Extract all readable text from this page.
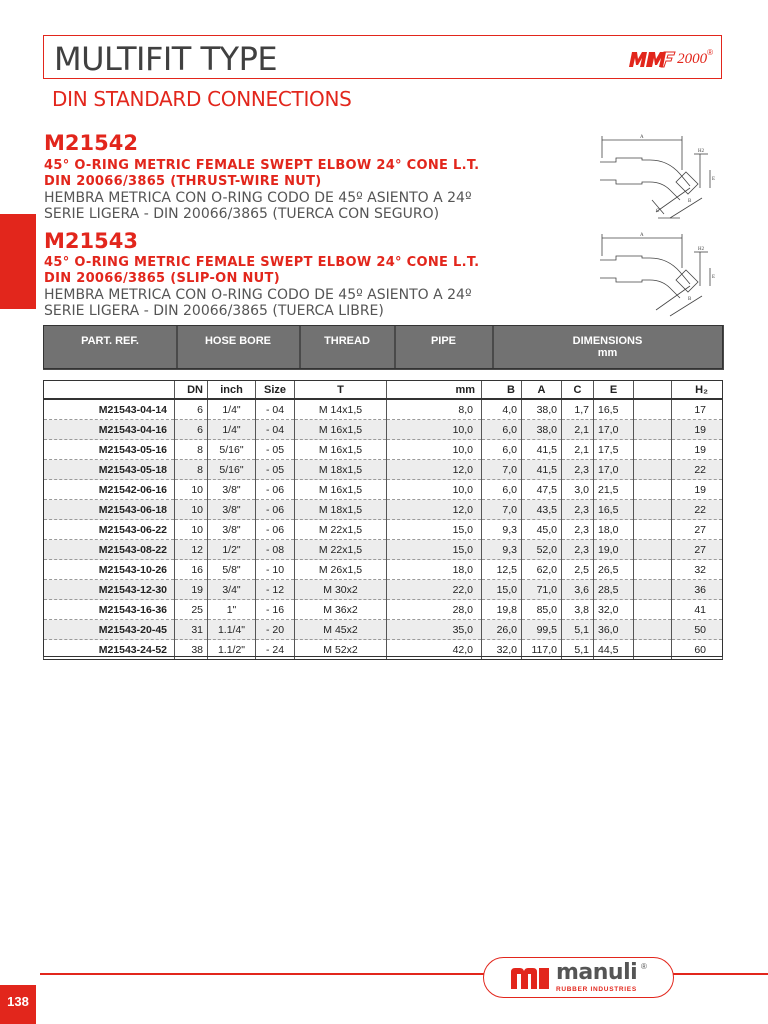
MULTIFIT TYPE	2000 ®
DIN STANDARD CONNECTIONS
M21542
45° O-RING METRIC FEMALE SWEPT ELBOW 24° CONE L.T.
DIN 20066/3865 (THRUST-WIRE NUT)
HEMBRA METRICA CON O-RING CODO DE 45º ASIENTO A 24º
SERIE LIGERA - DIN 20066/3865 (TUERCA CON SEGURO)
M21543
45° O-RING METRIC FEMALE SWEPT ELBOW 24° CONE L.T.
DIN 20066/3865 (SLIP-ON NUT)
HEMBRA METRICA CON O-RING CODO DE 45º ASIENTO A 24º
SERIE LIGERA - DIN 20066/3865 (TUERCA LIBRE)
A
H2
B
E
C
A
H2
B
E
PART. REF.	HOSE BORE	THREAD	PIPE	DIMENSIONS
mm
	DN	inch	Size	T	mm	B	A	C	E		H₂
M21543-04-14	6	1/4"	- 04	M 14x1,5	8,0	4,0	38,0	1,7	16,5		17
M21543-04-16	6	1/4"	- 04	M 16x1,5	10,0	6,0	38,0	2,1	17,0		19
M21543-05-16	8	5/16"	- 05	M 16x1,5	10,0	6,0	41,5	2,1	17,5		19
M21543-05-18	8	5/16"	- 05	M 18x1,5	12,0	7,0	41,5	2,3	17,0		22
M21542-06-16	10	3/8"	- 06	M 16x1,5	10,0	6,0	47,5	3,0	21,5		19
M21543-06-18	10	3/8"	- 06	M 18x1,5	12,0	7,0	43,5	2,3	16,5		22
M21543-06-22	10	3/8"	- 06	M 22x1,5	15,0	9,3	45,0	2,3	18,0		27
M21543-08-22	12	1/2"	- 08	M 22x1,5	15,0	9,3	52,0	2,3	19,0		27
M21543-10-26	16	5/8"	- 10	M 26x1,5	18,0	12,5	62,0	2,5	26,5		32
M21543-12-30	19	3/4"	- 12	M 30x2	22,0	15,0	71,0	3,6	28,5		36
M21543-16-36	25	1"	- 16	M 36x2	28,0	19,8	85,0	3,8	32,0		41
M21543-20-45	31	1.1/4"	- 20	M 45x2	35,0	26,0	99,5	5,1	36,0		50
M21543-24-52	38	1.1/2"	- 24	M 52x2	42,0	32,0	117,0	5,1	44,5		60
manuli ®
RUBBER INDUSTRIES
138
